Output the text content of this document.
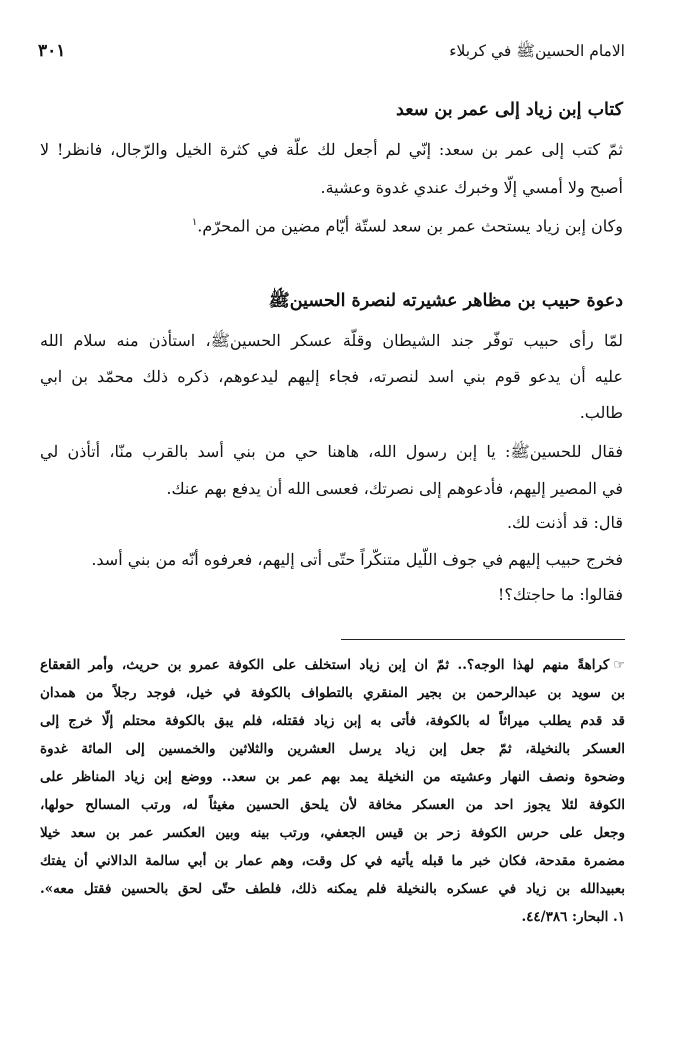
الامام الحسينﷺ في كربلاء
٣٠١
كتاب إبن زياد إلى عمر بن سعد
ثمّ كتب إلى عمر بن سعد: إنّي لم أجعل لك علّة في كثرة الخيل والرّجال، فانظر! لا
أصبح ولا أمسي إلّا وخبرك عندي غدوة وعشية.
وكان إبن زياد يستحث عمر بن سعد لستّة أيّام مضين من المحرّم.$^١$
دعوة حبيب بن مظاهر عشيرته لنصرة الحسينﷺ
لمّا رأى حبيب توفّر جند الشيطان وقلّة عسكر الحسينﷺ، استأذن منه سلام الله
عليه أن يدعو قوم بني اسد لنصرته، فجاء إليهم ليدعوهم، ذكره ذلك محمّد بن ابي
طالب.
فقال للحسينﷺ: يا إبن رسول الله، هاهنا حي من بني أسد بالقرب منّا، أتأذن لي
في المصير إليهم، فأدعوهم إلى نصرتك، فعسى الله أن يدفع بهم عنك.
قال: قد أذنت لك.
فخرج حبيب إليهم في جوف اللّيل متنكّراً حتّى أتى إليهم، فعرفوه أنّه من بني أسد.
فقالوا: ما حاجتك؟!
☞كراهةً منهم لهذا الوجه؟.. ثمّ ان إبن زياد استخلف على الكوفة عمرو بن حريث، وأمر القعقاع
بن سويد بن عبدالرحمن بن بجير المنقري بالتطواف بالكوفة في خيل، فوجد رجلاً من همدان
قد قدم يطلب ميراثاً له بالكوفة، فأتى به إبن زياد فقتله، فلم يبق بالكوفة محتلم إلّا خرج إلى
العسكر بالنخيلة، ثمّ جعل إبن زياد يرسل العشرين والثلاثين والخمسين إلى المائة غدوة
وضحوة ونصف النهار وعشيته من النخيلة يمد بهم عمر بن سعد.. ووضع إبن زياد المناظر على
الكوفة لئلا يجوز احد من العسكر مخافة لأن يلحق الحسين مغيثاً له، ورتب المسالح حولها،
وجعل على حرس الكوفة زحر بن قيس الجعفي، ورتب بينه وبين العكسر عمر بن سعد خيلا
مضمرة مقدحة، فكان خبر ما قبله يأتيه في كل وقت، وهم عمار بن أبي سالمة الدالاني أن يفتك
بعبيدالله بن زياد في عسكره بالنخيلة فلم يمكنه ذلك، فلطف حتّى لحق بالحسين فقتل معه».
١. البحار: ٤٤/٣٨٦.
